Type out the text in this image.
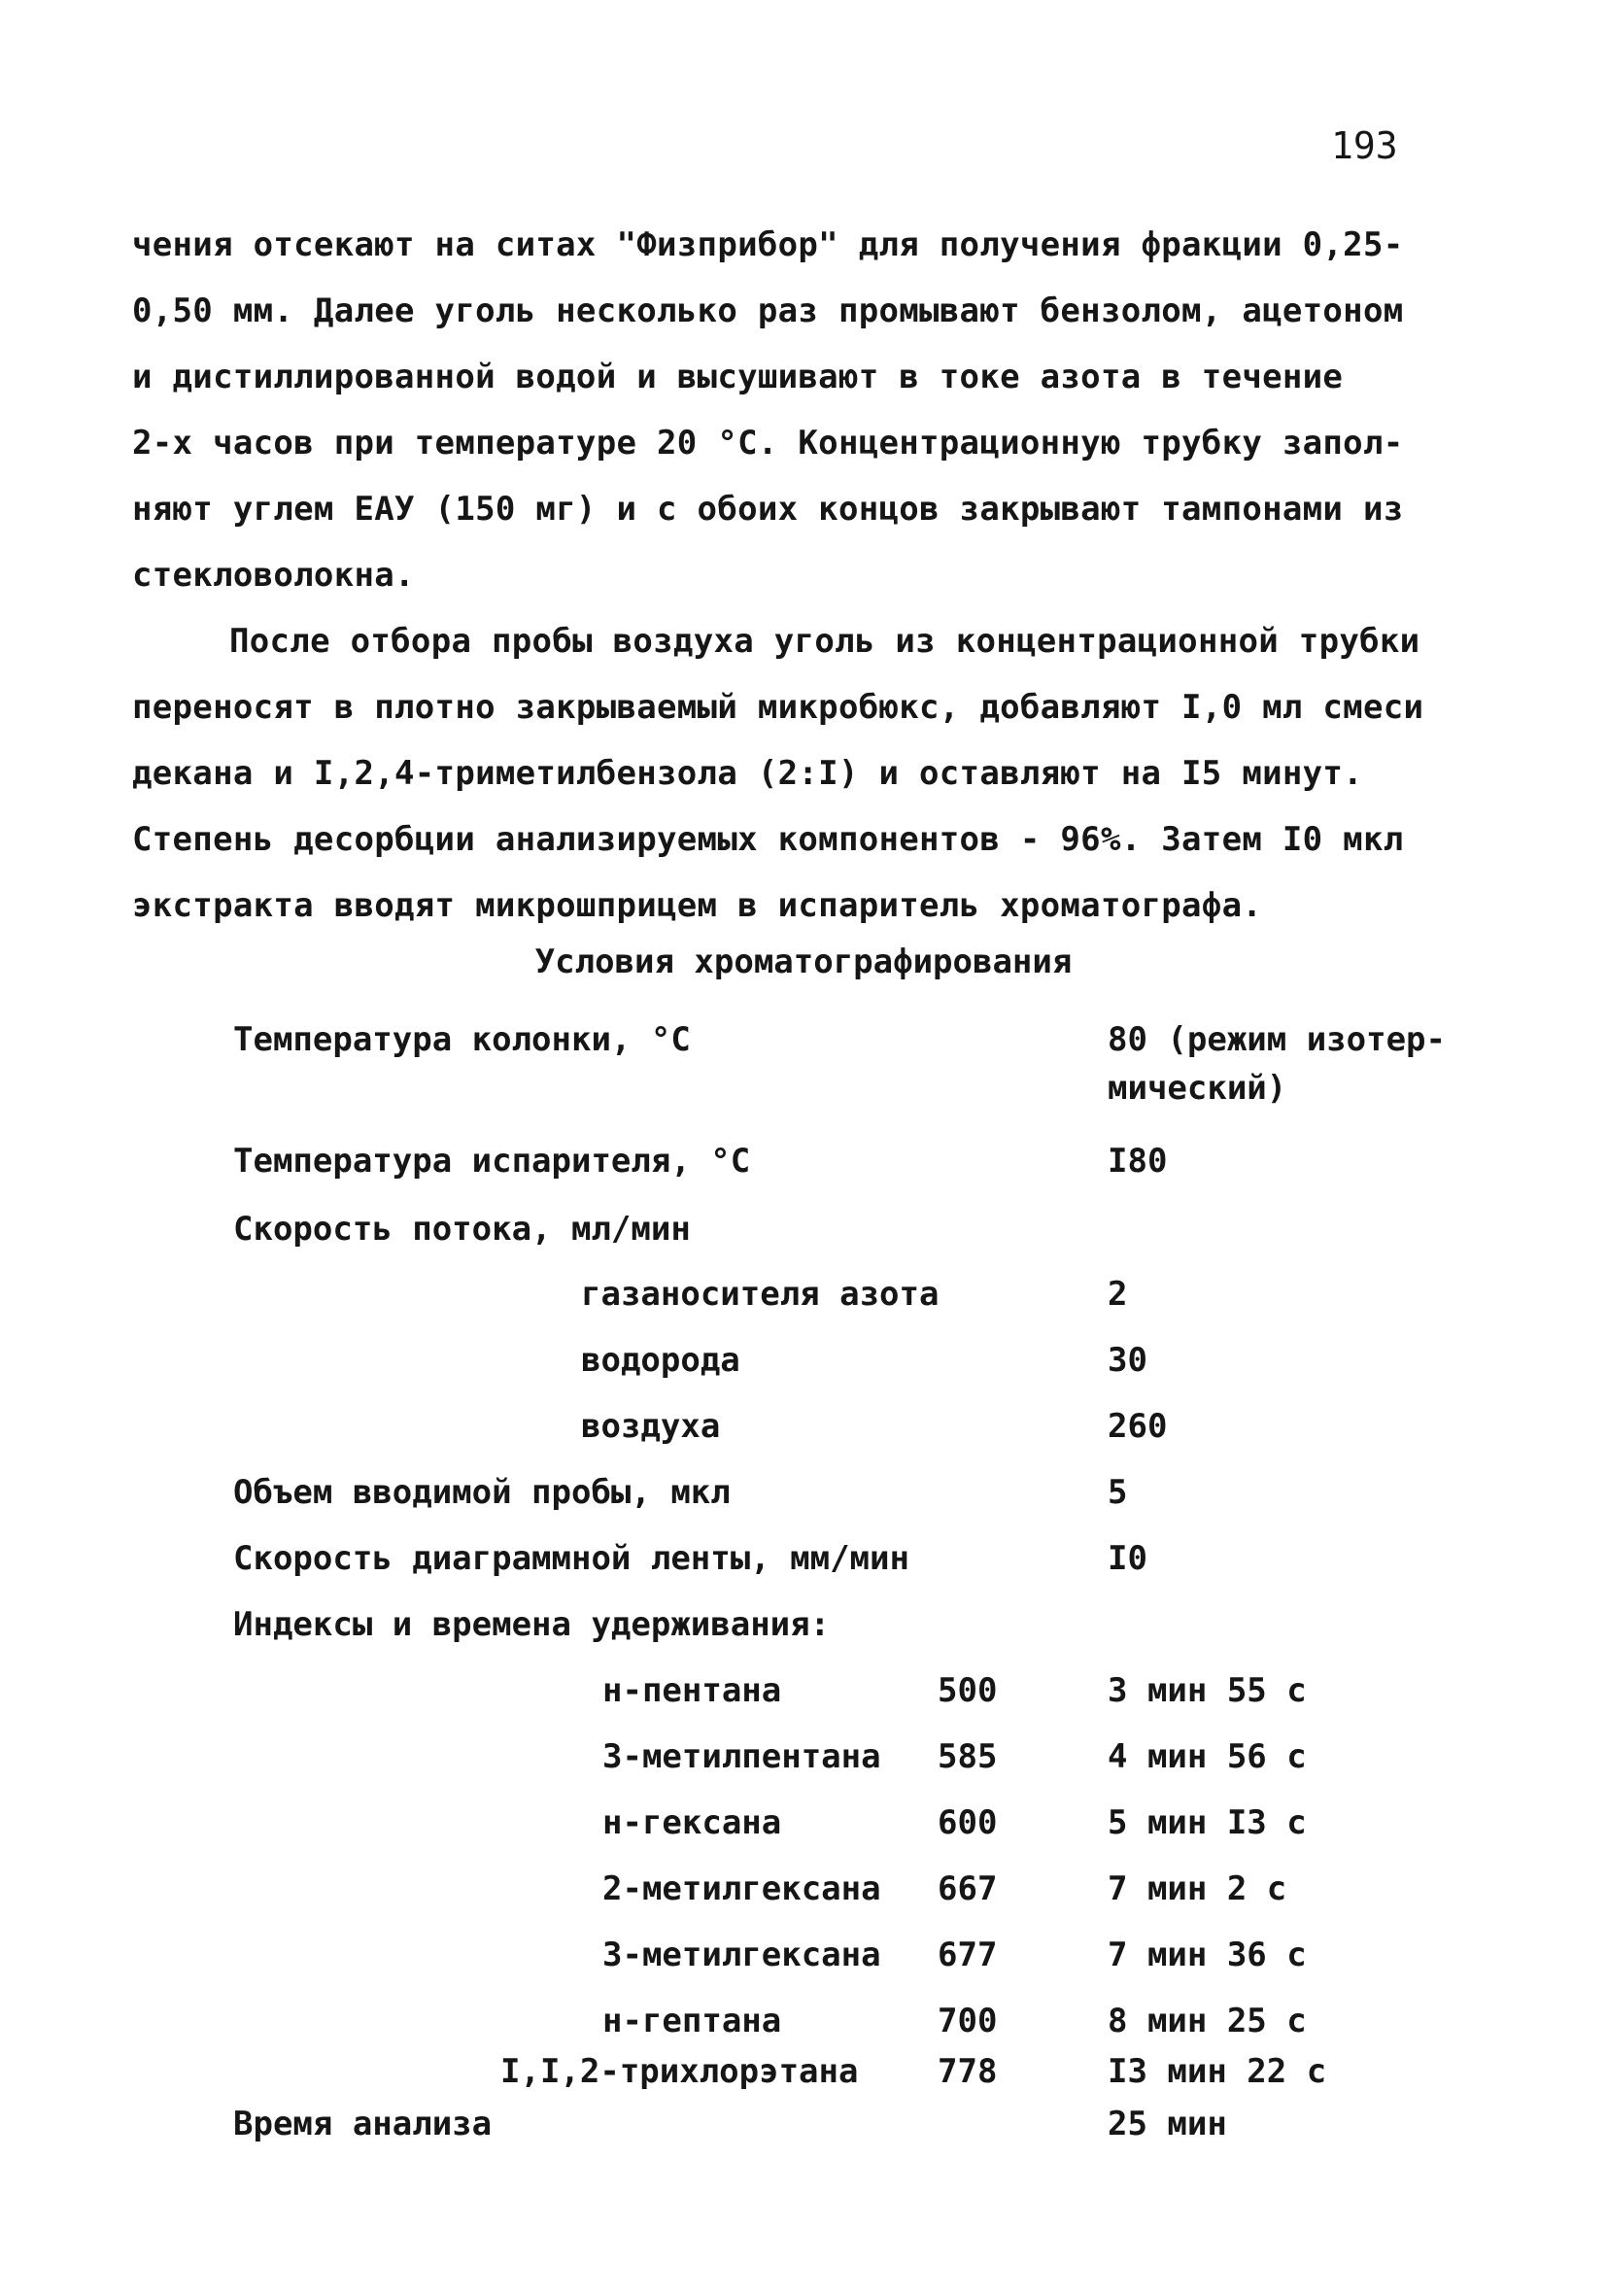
193
чения отсекают на ситах "Физприбор" для получения фракции 0,25-
0,50 мм. Далее уголь несколько раз промывают бензолом, ацетоном
и дистиллированной водой и высушивают в токе азота в течение
2-х часов при температуре 20 °C. Концентрационную трубку запол-
няют углем ЕАУ (150 мг) и с обоих концов закрывают тампонами из
стекловолокна.
После отбора пробы воздуха уголь из концентрационной трубки
переносят в плотно закрываемый микробюкс, добавляют I,0 мл смеси
декана и I,2,4-триметилбензола (2:I) и оставляют на I5 минут.
Степень десорбции анализируемых компонентов - 96%. Затем I0 мкл
экстракта вводят микрошприцем в испаритель хроматографа.
Условия хроматографирования
Температура колонки, °C	80 (режим изотер-
мический)
Температура испарителя, °C	I80
Скорость потока, мл/мин
газаносителя азота	2
водорода	30
воздуха	260
Объем вводимой пробы, мкл	5
Скорость диаграммной ленты, мм/мин	I0
Индексы и времена удерживания:
н-пентана	500	3 мин 55 с
3-метилпентана 585	4 мин 56 с
н-гексана	600	5 мин I3 с
2-метилгексана 667	7 мин 2 с
3-метилгексана 677	7 мин 36 с
н-гептана	700	8 мин 25 с
I,I,2-трихлорэтана 778	I3 мин 22 с
Время анализа	25 мин
